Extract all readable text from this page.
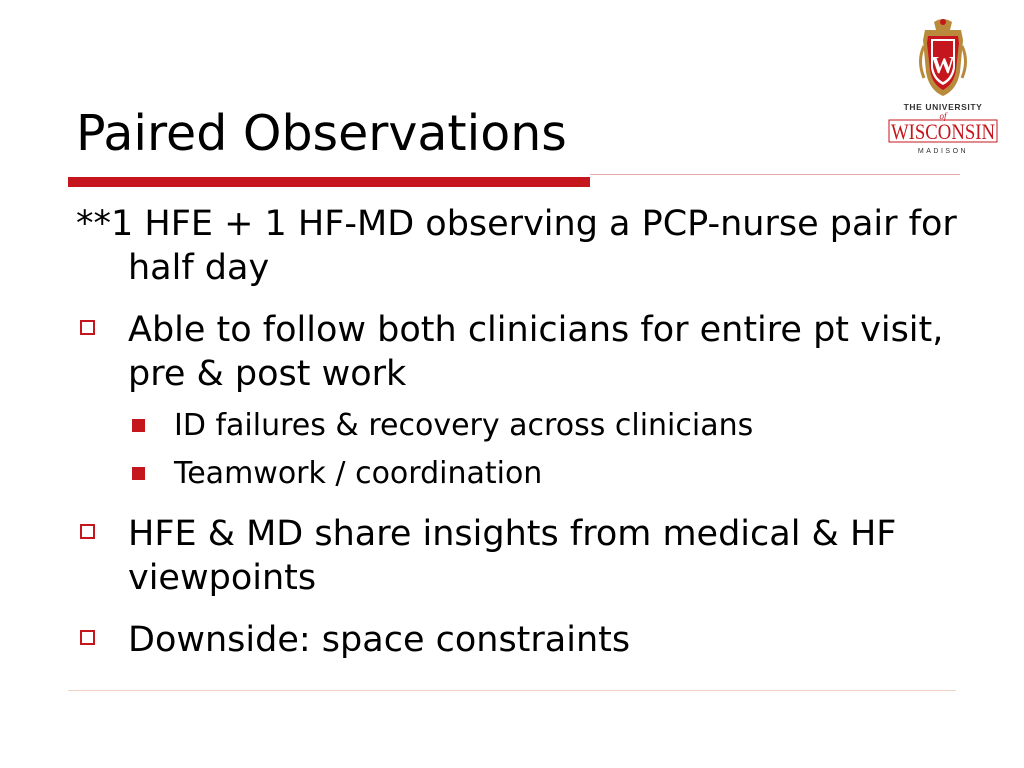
Paired Observations
W
THE UNIVERSITY
of
WISCONSIN
MADISON

**1 HFE + 1 HF-MD observing a PCP-nurse pair for half day

Able to follow both clinicians for entire pt visit, pre & post work
ID failures & recovery across clinicians
Teamwork / coordination
HFE & MD share insights from medical & HF viewpoints
Downside: space constraints
